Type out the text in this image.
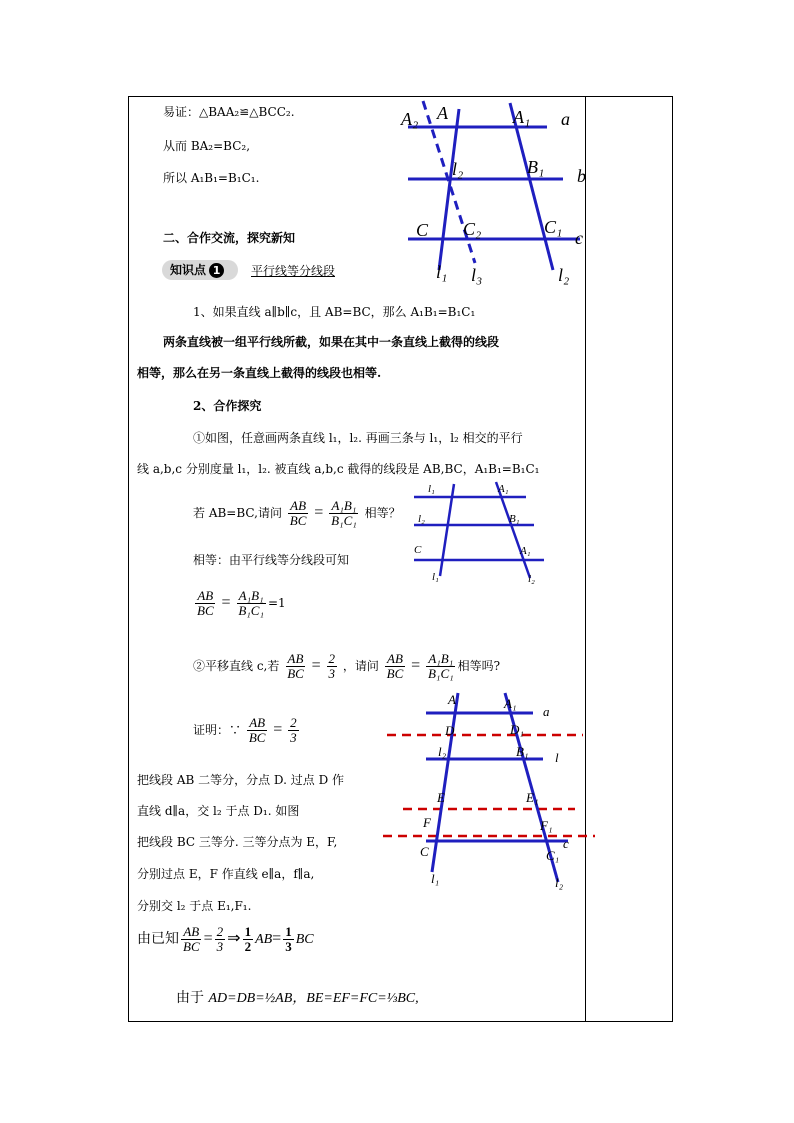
易证：△BAA₂≌△BCC₂.
从而 BA₂=BC₂,
所以 A₁B₁=B₁C₁.
A₂ A	A₁ a
l₂	B₁ b
C C₂	C₁
c
l₁ l₃	l₂
二、合作交流，探究新知
知识点 1	平行线等分线段
1、如果直线 a∥b∥c，且 AB=BC，那么 A₁B₁=B₁C₁
两条直线被一组平行线所截，如果在其中一条直线上截得的线段
相等，那么在另一条直线上截得的线段也相等.
2、合作探究
①如图，任意画两条直线 l₁，l₂. 再画三条与 l₁，l₂ 相交的平行
线 a,b,c 分别度量 l₁，l₂. 被直线 a,b,c 截得的线段是 AB,BC，A₁B₁=B₁C₁
若 AB=BC,请问 $\frac{AB}{BC} = \frac{\text{A₁B₁}}{\text{B₁C₁}}$ 相等？
相等：由平行线等分线段可知
$\frac{AB}{BC} = \frac{\text{A₁B₁}}{\text{B₁C₁}} =1$
l₁	A₁
l₂	B₁
C	A₁
l₁	l₂
②平移直线 c,若 $\frac{AB}{BC} = \frac{2}{3}$ ，请问 $\frac{AB}{BC} = \frac{\text{A₁B₁}}{\text{B₁C₁}}$ 相等吗?
证明：∵ $\frac{AB}{BC} = \frac{2}{3}$
把线段 AB 二等分，分点 D. 过点 D 作
直线 d∥a，交 l₂ 于点 D₁. 如图
把线段 BC 三等分. 三等分点为 E，F,
分别过点 E，F 作直线 e∥a，f∥a,
分别交 l₂ 于点 E₁,F₁.
A	A₁
a
D	D₁
l₂	B₁ l
E	E₁
F	F₁
c
C	C₁
l₁	l₂
由已知 $\frac{AB}{BC} = \frac{2}{3}$ ⇒ $\frac{1}{2} AB= \frac{1}{3}$ BC
由于 AD=DB=½AB，BE=EF=FC=⅓BC,
